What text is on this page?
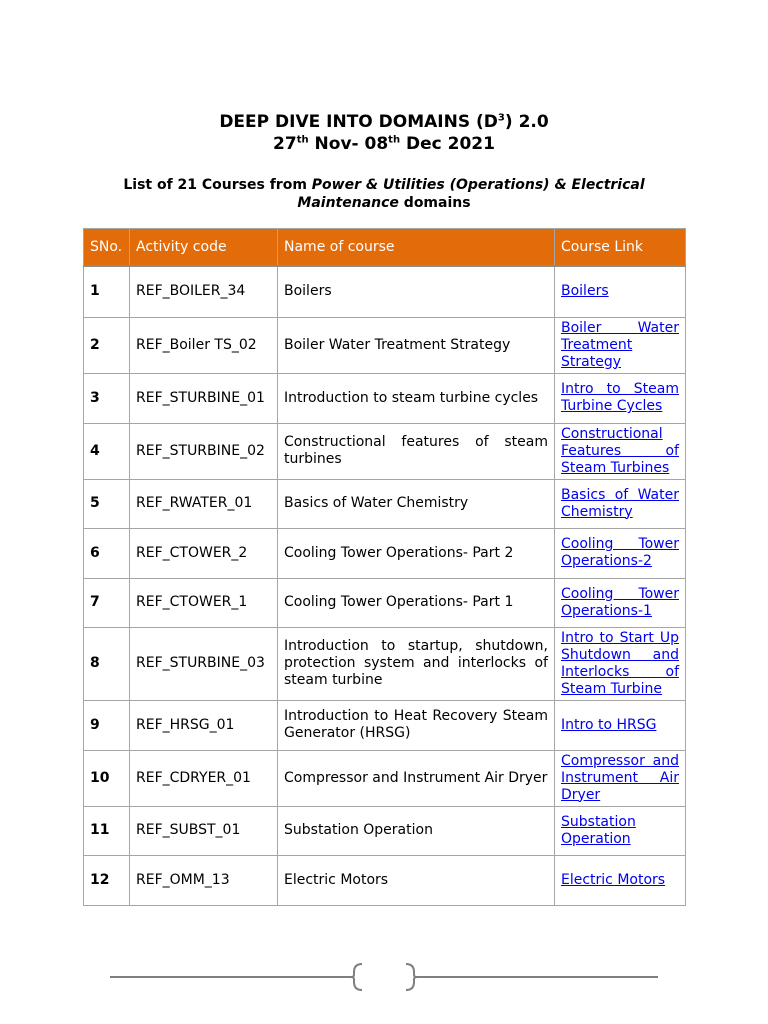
DEEP DIVE INTO DOMAINS $(D^3)$ 2.0
27th Nov- 08th Dec 2021
List of 21 Courses from Power & Utilities (Operations) & Electrical Maintenance domains
SNo.	Activity code	Name of course	Course Link
1	REF_BOILER_34	Boilers	Boilers
2	REF_Boiler TS_02	Boiler Water Treatment Strategy	Boiler Water Treatment Strategy
3	REF_STURBINE_01	Introduction to steam turbine cycles	Intro to Steam Turbine Cycles
4	REF_STURBINE_02	Constructional features of steam turbines	Constructional Features of Steam Turbines
5	REF_RWATER_01	Basics of Water Chemistry	Basics of Water Chemistry
6	REF_CTOWER_2	Cooling Tower Operations- Part 2	Cooling Tower Operations-2
7	REF_CTOWER_1	Cooling Tower Operations- Part 1	Cooling Tower Operations-1
8	REF_STURBINE_03	Introduction to startup, shutdown, protection system and interlocks of steam turbine	Intro to Start Up Shutdown and Interlocks of Steam Turbine
9	REF_HRSG_01	Introduction to Heat Recovery Steam Generator (HRSG)	Intro to HRSG
10	REF_CDRYER_01	Compressor and Instrument Air Dryer	Compressor and Instrument Air Dryer
11	REF_SUBST_01	Substation Operation	Substation Operation
12	REF_OMM_13	Electric Motors	Electric Motors
